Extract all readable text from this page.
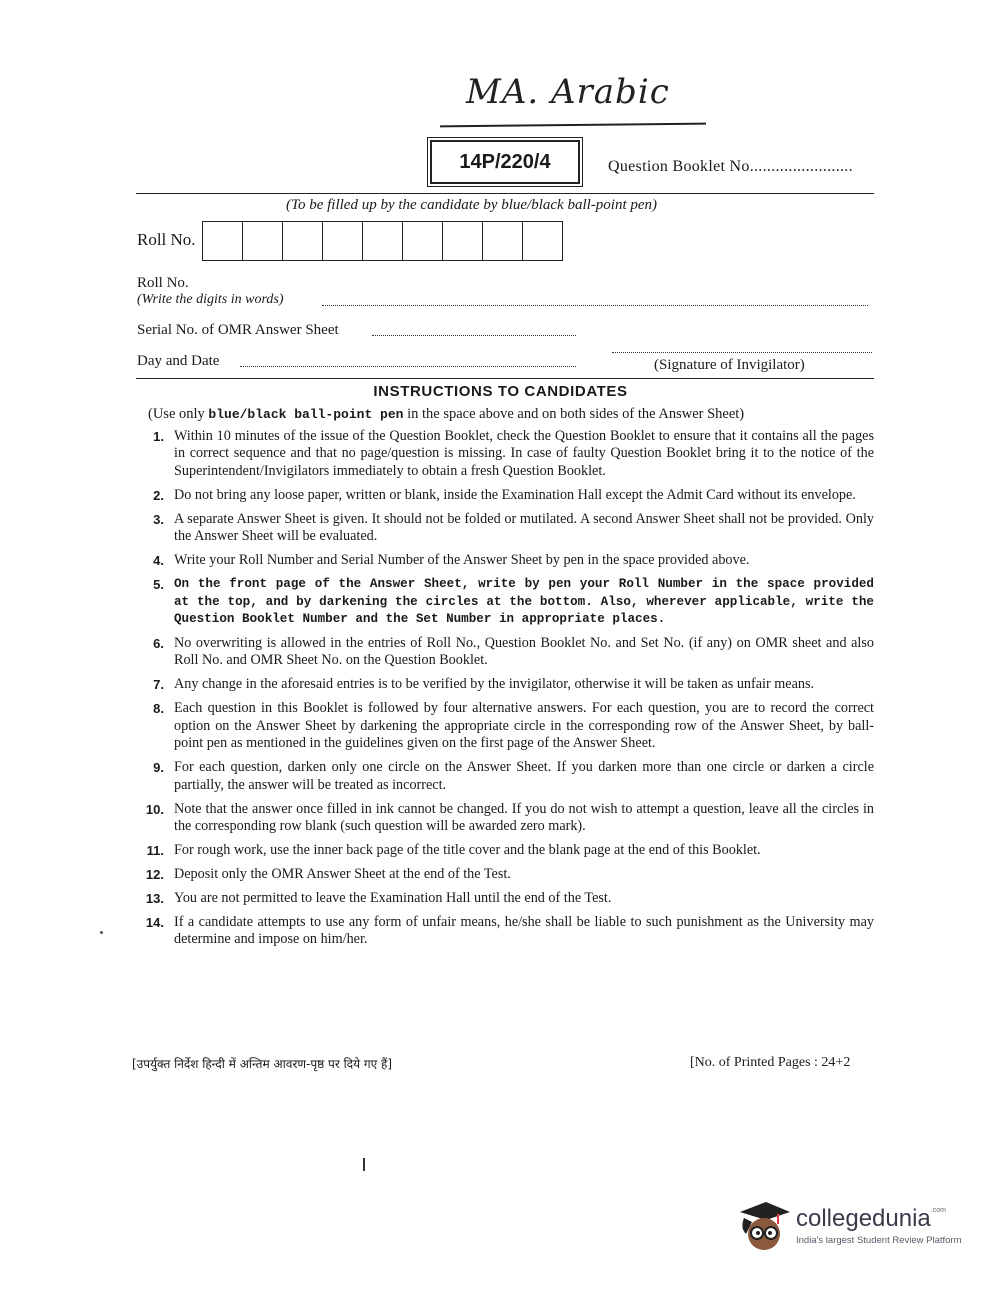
MA. Arabic
14P/220/4	Question Booklet No........................
(To be filled up by the candidate by blue/black ball-point pen)
Roll No.
Roll No.
(Write the digits in words)
Serial No. of OMR Answer Sheet
Day and Date	(Signature of Invigilator)
INSTRUCTIONS TO CANDIDATES
(Use only blue/black ball-point pen in the space above and on both sides of the Answer Sheet)
1. Within 10 minutes of the issue of the Question Booklet, check the Question Booklet to ensure that it contains all the pages in correct sequence and that no page/question is missing. In case of faulty Question Booklet bring it to the notice of the Superintendent/Invigilators immediately to obtain a fresh Question Booklet.
2. Do not bring any loose paper, written or blank, inside the Examination Hall except the Admit Card without its envelope.
3. A separate Answer Sheet is given. It should not be folded or mutilated. A second Answer Sheet shall not be provided. Only the Answer Sheet will be evaluated.
4. Write your Roll Number and Serial Number of the Answer Sheet by pen in the space provided above.
5. On the front page of the Answer Sheet, write by pen your Roll Number in the space provided at the top, and by darkening the circles at the bottom. Also, wherever applicable, write the Question Booklet Number and the Set Number in appropriate places.
6. No overwriting is allowed in the entries of Roll No., Question Booklet No. and Set No. (if any) on OMR sheet and also Roll No. and OMR Sheet No. on the Question Booklet.
7. Any change in the aforesaid entries is to be verified by the invigilator, otherwise it will be taken as unfair means.
8. Each question in this Booklet is followed by four alternative answers. For each question, you are to record the correct option on the Answer Sheet by darkening the appropriate circle in the corresponding row of the Answer Sheet, by ball-point pen as mentioned in the guidelines given on the first page of the Answer Sheet.
9. For each question, darken only one circle on the Answer Sheet. If you darken more than one circle or darken a circle partially, the answer will be treated as incorrect.
10. Note that the answer once filled in ink cannot be changed. If you do not wish to attempt a question, leave all the circles in the corresponding row blank (such question will be awarded zero mark).
11. For rough work, use the inner back page of the title cover and the blank page at the end of this Booklet.
12. Deposit only the OMR Answer Sheet at the end of the Test.
13. You are not permitted to leave the Examination Hall until the end of the Test.
14. If a candidate attempts to use any form of unfair means, he/she shall be liable to such punishment as the University may determine and impose on him/her.
[उपर्युक्त निर्देश हिन्दी में अन्तिम आवरण-पृष्ठ पर दिये गए हैं]	[No. of Printed Pages : 24+2
collegedunia$^{.com}$
India's largest Student Review Platform
